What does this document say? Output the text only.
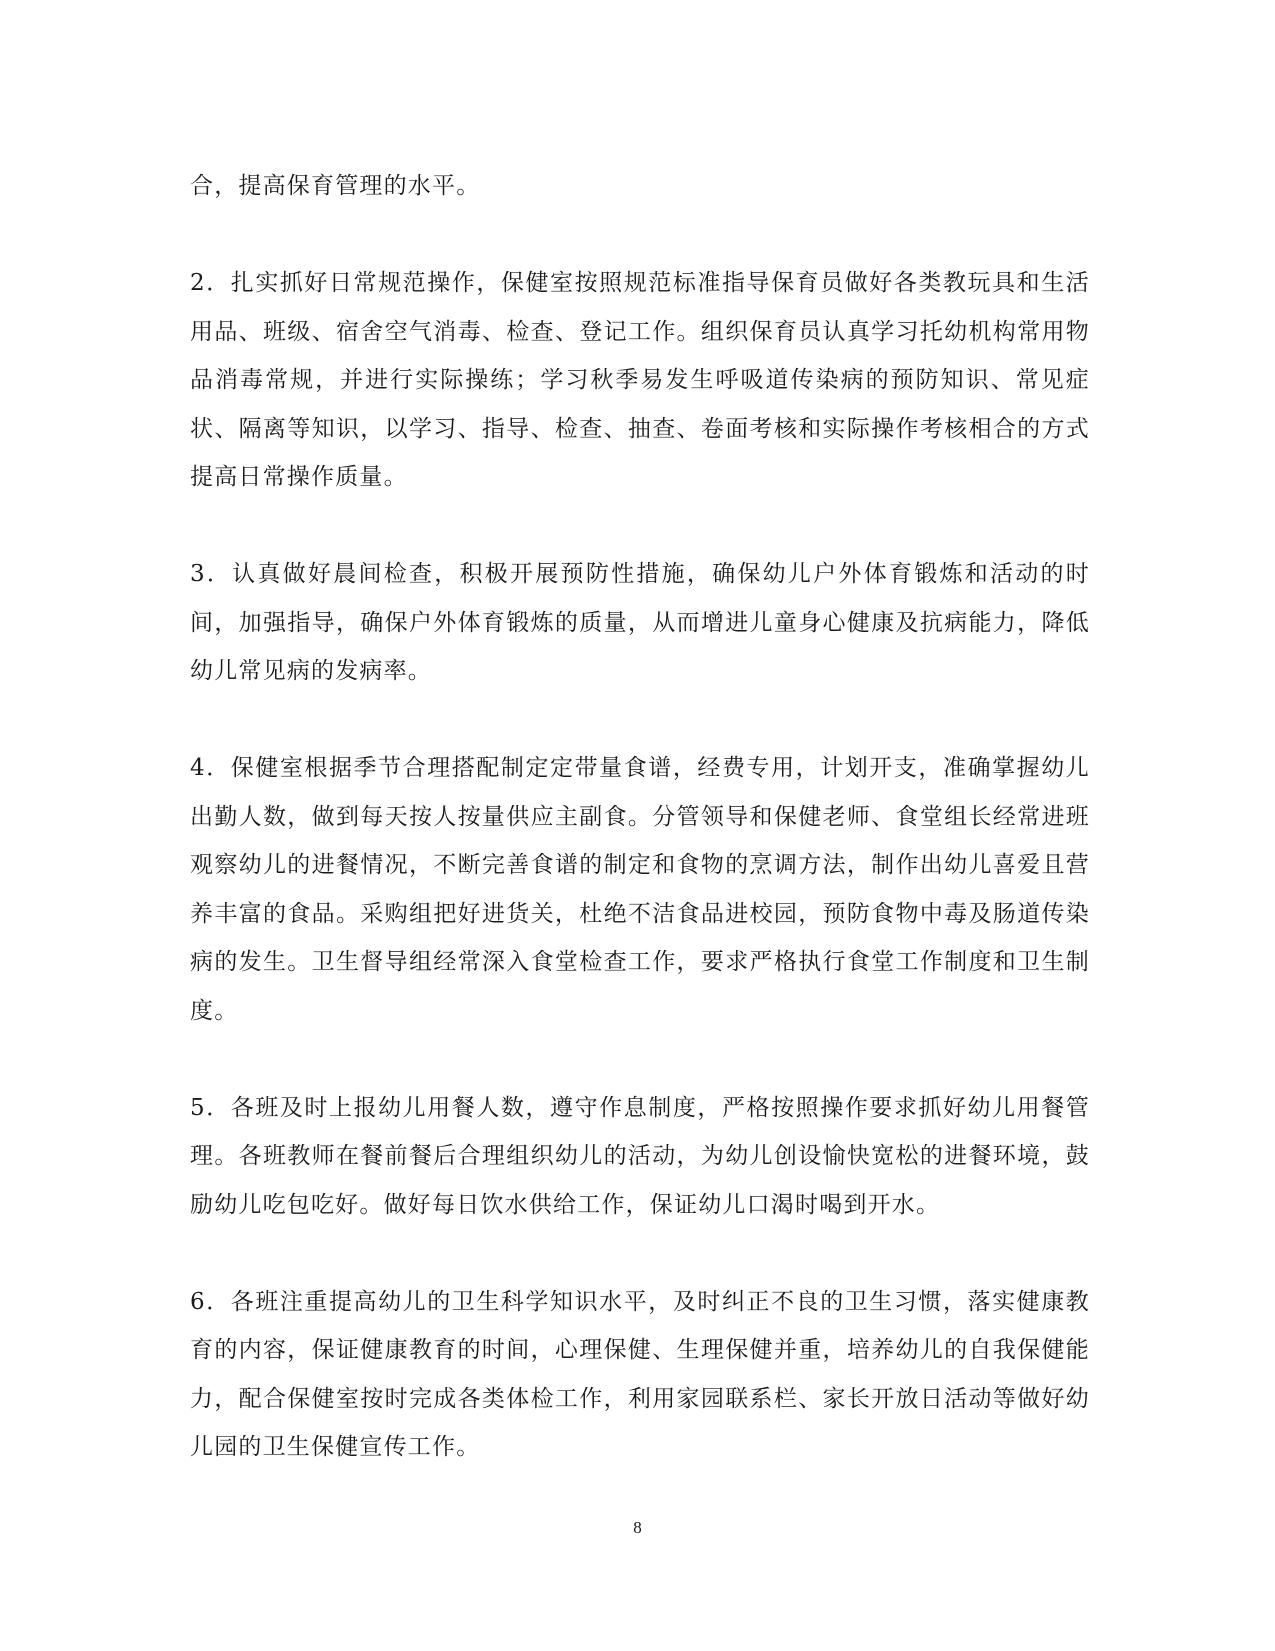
合，提高保育管理的水平。

2．扎实抓好日常规范操作，保健室按照规范标准指导保育员做好各类教玩具和生活用品、班级、宿舍空气消毒、检查、登记工作。组织保育员认真学习托幼机构常用物品消毒常规，并进行实际操练；学习秋季易发生呼吸道传染病的预防知识、常见症状、隔离等知识，以学习、指导、检查、抽查、卷面考核和实际操作考核相合的方式提高日常操作质量。

3．认真做好晨间检查，积极开展预防性措施，确保幼儿户外体育锻炼和活动的时间，加强指导，确保户外体育锻炼的质量，从而增进儿童身心健康及抗病能力，降低幼儿常见病的发病率。

4．保健室根据季节合理搭配制定定带量食谱，经费专用，计划开支，准确掌握幼儿出勤人数，做到每天按人按量供应主副食。分管领导和保健老师、食堂组长经常进班观察幼儿的进餐情况，不断完善食谱的制定和食物的烹调方法，制作出幼儿喜爱且营养丰富的食品。采购组把好进货关，杜绝不洁食品进校园，预防食物中毒及肠道传染病的发生。卫生督导组经常深入食堂检查工作，要求严格执行食堂工作制度和卫生制度。

5．各班及时上报幼儿用餐人数，遵守作息制度，严格按照操作要求抓好幼儿用餐管理。各班教师在餐前餐后合理组织幼儿的活动，为幼儿创设愉快宽松的进餐环境，鼓励幼儿吃包吃好。做好每日饮水供给工作，保证幼儿口渴时喝到开水。

6．各班注重提高幼儿的卫生科学知识水平，及时纠正不良的卫生习惯，落实健康教育的内容，保证健康教育的时间，心理保健、生理保健并重，培养幼儿的自我保健能力，配合保健室按时完成各类体检工作，利用家园联系栏、家长开放日活动等做好幼儿园的卫生保健宣传工作。

8
